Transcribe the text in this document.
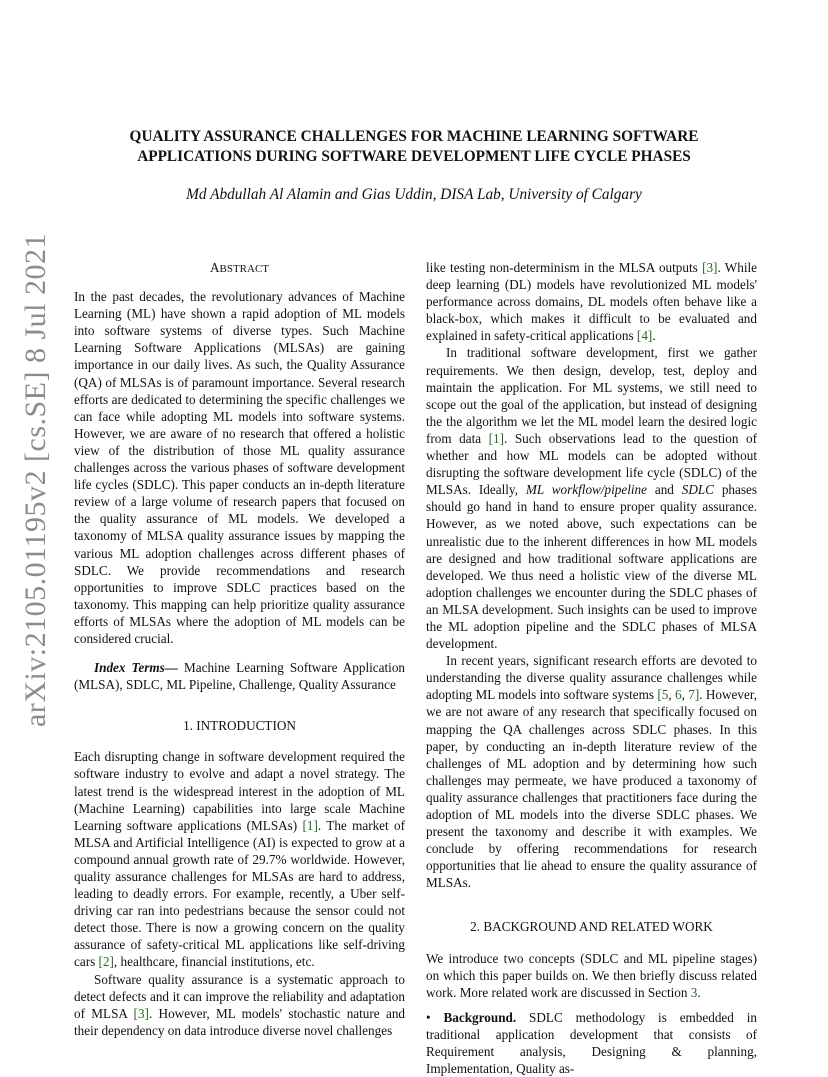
arXiv:2105.01195v2 [cs.SE] 8 Jul 2021
QUALITY ASSURANCE CHALLENGES FOR MACHINE LEARNING SOFTWARE
APPLICATIONS DURING SOFTWARE DEVELOPMENT LIFE CYCLE PHASES

Md Abdullah Al Alamin and Gias Uddin, DISA Lab, University of Calgary

ABSTRACT

In the past decades, the revolutionary advances of Machine Learning (ML) have shown a rapid adoption of ML models into software systems of diverse types. Such Machine Learning Software Applications (MLSAs) are gaining importance in our daily lives. As such, the Quality Assurance (QA) of MLSAs is of paramount importance. Several research efforts are dedicated to determining the specific challenges we can face while adopting ML models into software systems. However, we are aware of no research that offered a holistic view of the distribution of those ML quality assurance challenges across the various phases of software development life cycles (SDLC). This paper conducts an in-depth literature review of a large volume of research papers that focused on the quality assurance of ML models. We developed a taxonomy of MLSA quality assurance issues by mapping the various ML adoption challenges across different phases of SDLC. We provide recommendations and research opportunities to improve SDLC practices based on the taxonomy. This mapping can help prioritize quality assurance efforts of MLSAs where the adoption of ML models can be considered crucial.

Index Terms— Machine Learning Software Application (MLSA), SDLC, ML Pipeline, Challenge, Quality Assurance

1. INTRODUCTION

Each disrupting change in software development required the software industry to evolve and adapt a novel strategy. The latest trend is the widespread interest in the adoption of ML (Machine Learning) capabilities into large scale Machine Learning software applications (MLSAs) [1]. The market of MLSA and Artificial Intelligence (AI) is expected to grow at a compound annual growth rate of 29.7% worldwide. However, quality assurance challenges for MLSAs are hard to address, leading to deadly errors. For example, recently, a Uber self-driving car ran into pedestrians because the sensor could not detect those. There is now a growing concern on the quality assurance of safety-critical ML applications like self-driving cars [2], healthcare, financial institutions, etc.

Software quality assurance is a systematic approach to detect defects and it can improve the reliability and adaptation of MLSA [3]. However, ML models' stochastic nature and their dependency on data introduce diverse novel challenges

like testing non-determinism in the MLSA outputs [3]. While deep learning (DL) models have revolutionized ML models' performance across domains, DL models often behave like a black-box, which makes it difficult to be evaluated and explained in safety-critical applications [4].

In traditional software development, first we gather requirements. We then design, develop, test, deploy and maintain the application. For ML systems, we still need to scope out the goal of the application, but instead of designing the the algorithm we let the ML model learn the desired logic from data [1]. Such observations lead to the question of whether and how ML models can be adopted without disrupting the software development life cycle (SDLC) of the MLSAs. Ideally, ML workflow/pipeline and SDLC phases should go hand in hand to ensure proper quality assurance. However, as we noted above, such expectations can be unrealistic due to the inherent differences in how ML models are designed and how traditional software applications are developed. We thus need a holistic view of the diverse ML adoption challenges we encounter during the SDLC phases of an MLSA development. Such insights can be used to improve the ML adoption pipeline and the SDLC phases of MLSA development.

In recent years, significant research efforts are devoted to understanding the diverse quality assurance challenges while adopting ML models into software systems [5, 6, 7]. However, we are not aware of any research that specifically focused on mapping the QA challenges across SDLC phases. In this paper, by conducting an in-depth literature review of the challenges of ML adoption and by determining how such challenges may permeate, we have produced a taxonomy of quality assurance challenges that practitioners face during the adoption of ML models into the diverse SDLC phases. We present the taxonomy and describe it with examples. We conclude by offering recommendations for research opportunities that lie ahead to ensure the quality assurance of MLSAs.

2. BACKGROUND AND RELATED WORK

We introduce two concepts (SDLC and ML pipeline stages) on which this paper builds on. We then briefly discuss related work. More related work are discussed in Section 3.

• Background. SDLC methodology is embedded in traditional application development that consists of Requirement analysis, Designing & planning, Implementation, Quality as-
